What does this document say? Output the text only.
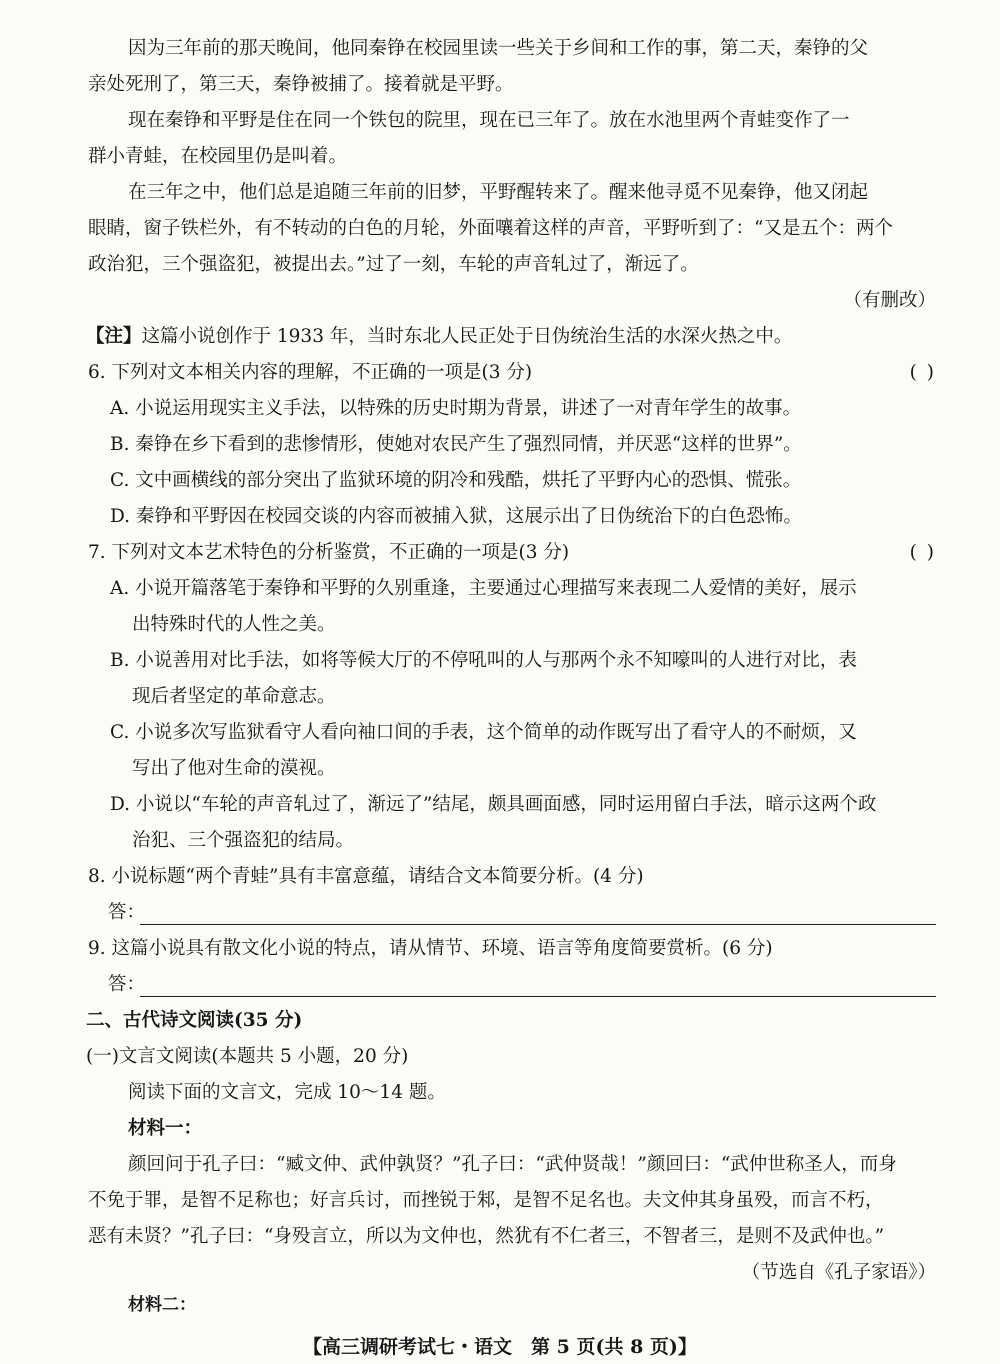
因为三年前的那天晚间，他同秦铮在校园里读一些关于乡间和工作的事，第二天，秦铮的父
亲处死刑了，第三天，秦铮被捕了。接着就是平野。
现在秦铮和平野是住在同一个铁包的院里，现在已三年了。放在水池里两个青蛙变作了一
群小青蛙，在校园里仍是叫着。
在三年之中，他们总是追随三年前的旧梦，平野醒转来了。醒来他寻觅不见秦铮，他又闭起
眼睛，窗子铁栏外，有不转动的白色的月轮，外面嚷着这样的声音，平野听到了：“又是五个：两个
政治犯，三个强盗犯，被提出去。”过了一刻，车轮的声音轧过了，渐远了。
（有删改）
【注】这篇小说创作于 1933 年，当时东北人民正处于日伪统治生活的水深火热之中。
6. 下列对文本相关内容的理解，不正确的一项是(3 分)	( )
A. 小说运用现实主义手法，以特殊的历史时期为背景，讲述了一对青年学生的故事。
B. 秦铮在乡下看到的悲惨情形，使她对农民产生了强烈同情，并厌恶“这样的世界”。
C. 文中画横线的部分突出了监狱环境的阴冷和残酷，烘托了平野内心的恐惧、慌张。
D. 秦铮和平野因在校园交谈的内容而被捕入狱，这展示出了日伪统治下的白色恐怖。
7. 下列对文本艺术特色的分析鉴赏，不正确的一项是(3 分)	( )
A. 小说开篇落笔于秦铮和平野的久别重逢，主要通过心理描写来表现二人爱情的美好，展示
出特殊时代的人性之美。
B. 小说善用对比手法，如将等候大厅的不停吼叫的人与那两个永不知嚎叫的人进行对比，表
现后者坚定的革命意志。
C. 小说多次写监狱看守人看向袖口间的手表，这个简单的动作既写出了看守人的不耐烦，又
写出了他对生命的漠视。
D. 小说以“车轮的声音轧过了，渐远了”结尾，颇具画面感，同时运用留白手法，暗示这两个政
治犯、三个强盗犯的结局。
8. 小说标题“两个青蛙”具有丰富意蕴，请结合文本简要分析。(4 分)
答：
9. 这篇小说具有散文化小说的特点，请从情节、环境、语言等角度简要赏析。(6 分)
答：
二、古代诗文阅读(35 分)
(一)文言文阅读(本题共 5 小题，20 分)
阅读下面的文言文，完成 10～14 题。
材料一：
颜回问于孔子曰：“臧文仲、武仲孰贤？”孔子曰：“武仲贤哉！”颜回曰：“武仲世称圣人，而身
不免于罪，是智不足称也；好言兵讨，而挫锐于邾，是智不足名也。夫文仲其身虽殁，而言不朽，
恶有未贤？”孔子曰：“身殁言立，所以为文仲也，然犹有不仁者三，不智者三，是则不及武仲也。”
（节选自《孔子家语》）
材料二：
【高三调研考试七・语文　第 5 页(共 8 页)】
